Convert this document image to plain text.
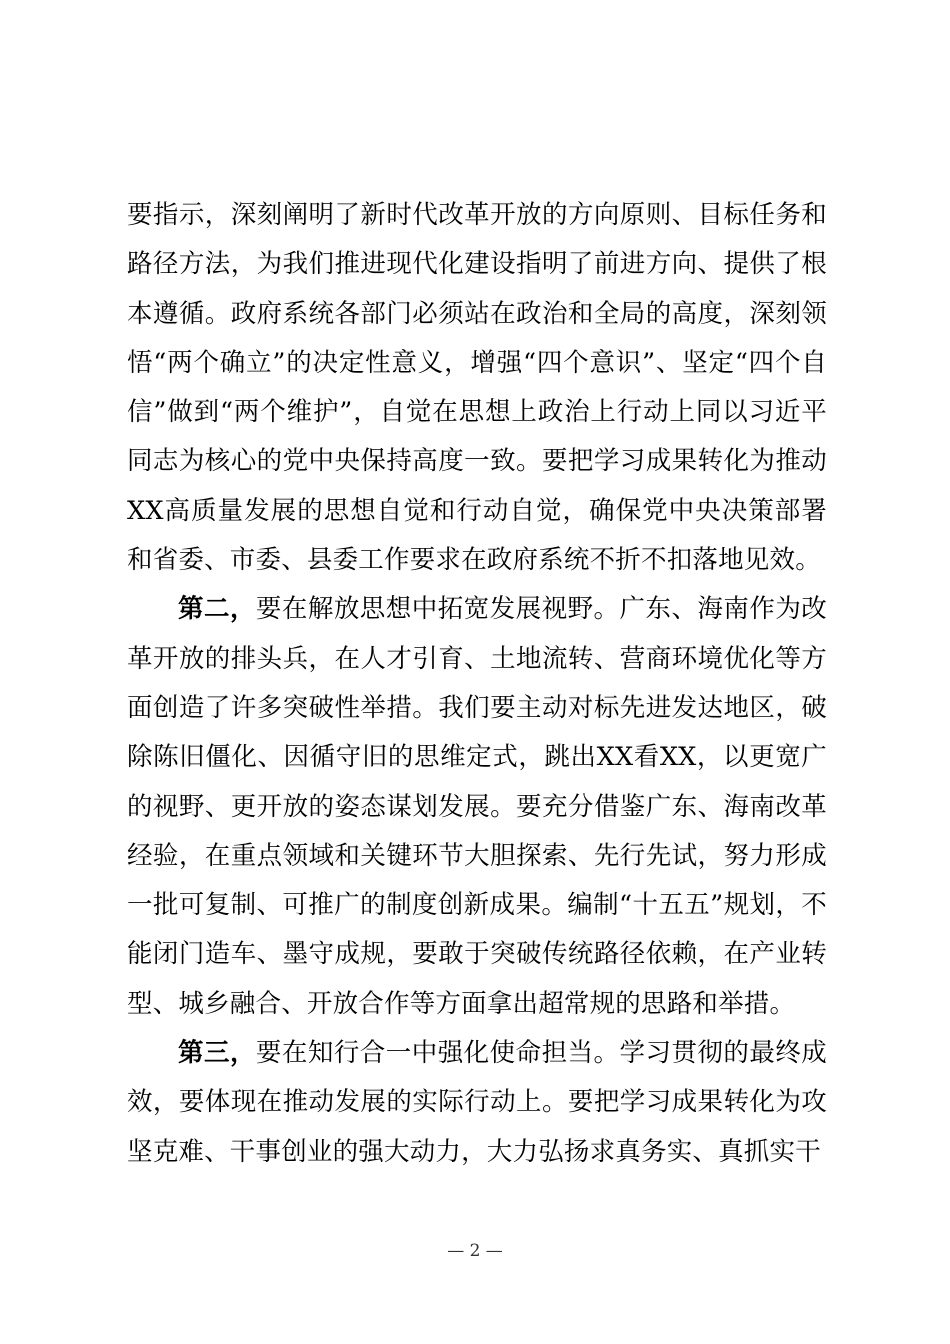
要指示，深刻阐明了新时代改革开放的方向原则、目标任务和路径方法，为我们推进现代化建设指明了前进方向、提供了根本遵循。政府系统各部门必须站在政治和全局的高度，深刻领悟“两个确立”的决定性意义，增强“四个意识”、坚定“四个自信”做到“两个维护”，自觉在思想上政治上行动上同以习近平同志为核心的党中央保持高度一致。要把学习成果转化为推动XX高质量发展的思想自觉和行动自觉，确保党中央决策部署和省委、市委、县委工作要求在政府系统不折不扣落地见效。

第二，要在解放思想中拓宽发展视野。广东、海南作为改革开放的排头兵，在人才引育、土地流转、营商环境优化等方面创造了许多突破性举措。我们要主动对标先进发达地区，破除陈旧僵化、因循守旧的思维定式，跳出XX看XX，以更宽广的视野、更开放的姿态谋划发展。要充分借鉴广东、海南改革经验，在重点领域和关键环节大胆探索、先行先试，努力形成一批可复制、可推广的制度创新成果。编制“十五五”规划，不能闭门造车、墨守成规，要敢于突破传统路径依赖，在产业转型、城乡融合、开放合作等方面拿出超常规的思路和举措。

第三，要在知行合一中强化使命担当。学习贯彻的最终成效，要体现在推动发展的实际行动上。要把学习成果转化为攻坚克难、干事创业的强大动力，大力弘扬求真务实、真抓实干

— 2 —
